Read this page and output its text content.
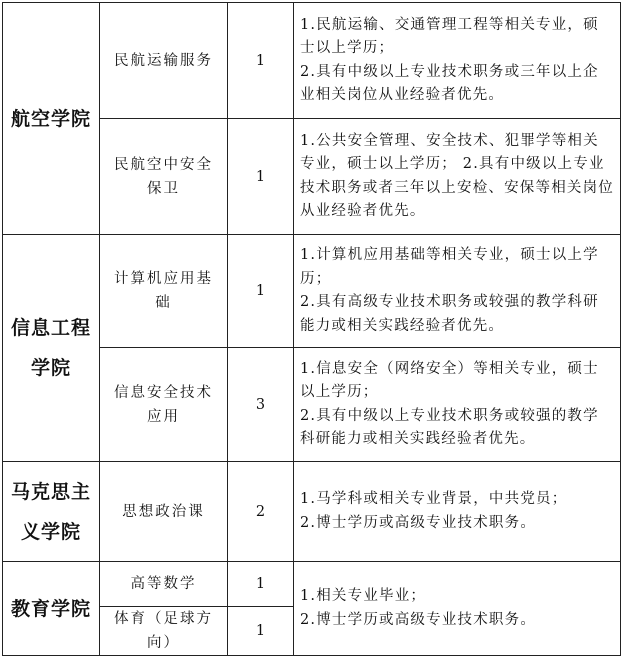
航空学院	民航运输服务	1	1.民航运输、交通管理工程等相关专业，硕士以上学历；
2.具有中级以上专业技术职务或三年以上企业相关岗位从业经验者优先。

	民航空中安全保卫	1	1.公共安全管理、安全技术、犯罪学等相关专业，硕士以上学历； 2.具有中级以上专业技术职务或者三年以上安检、安保等相关岗位从业经验者优先。

信息工程学院	计算机应用基础	1	1.计算机应用基础等相关专业，硕士以上学历；
2.具有高级专业技术职务或较强的教学科研能力或相关实践经验者优先。

	信息安全技术应用	3	1.信息安全（网络安全）等相关专业，硕士以上学历；
2.具有中级以上专业技术职务或较强的教学科研能力或相关实践经验者优先。

马克思主义学院	思想政治课	2	1.马学科或相关专业背景，中共党员；
2.博士学历或高级专业技术职务。

教育学院	高等数学	1	1.相关专业毕业；
2.博士学历或高级专业技术职务。

	体育（足球方向）	1	
